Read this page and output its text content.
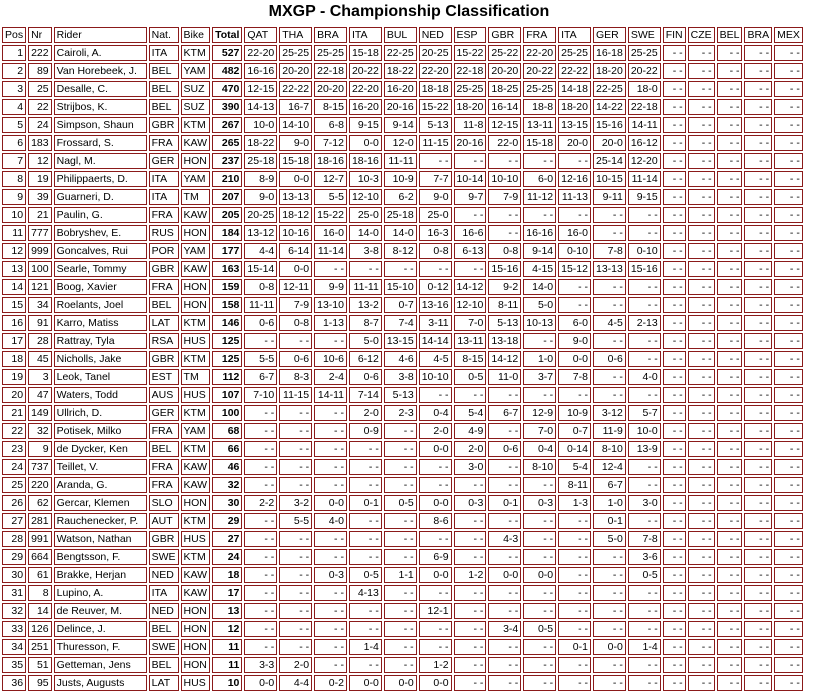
MXGP - Championship Classification
Pos	Nr	Rider	Nat.	Bike	Total	QAT	THA	BRA	ITA	BUL	NED	ESP	GBR	FRA	ITA	GER	SWE	FIN	CZE	BEL	BRA	MEX
1	222	Cairoli, A.	ITA	KTM	527	22-20	25-25	25-25	15-18	22-25	20-25	15-22	25-22	22-20	25-25	16-18	25-25	- -	- -	- -	- -	- -
2	89	Van Horebeek, J.	BEL	YAM	482	16-16	20-20	22-18	20-22	18-22	22-20	22-18	20-20	20-22	22-22	18-20	20-22	- -	- -	- -	- -	- -
3	25	Desalle, C.	BEL	SUZ	470	12-15	22-22	20-20	22-20	16-20	18-18	25-25	18-25	25-25	14-18	22-25	18-0	- -	- -	- -	- -	- -
4	22	Strijbos, K.	BEL	SUZ	390	14-13	16-7	8-15	16-20	20-16	15-22	18-20	16-14	18-8	18-20	14-22	22-18	- -	- -	- -	- -	- -
5	24	Simpson, Shaun	GBR	KTM	267	10-0	14-10	6-8	9-15	9-14	5-13	11-8	12-15	13-11	13-15	15-16	14-11	- -	- -	- -	- -	- -
6	183	Frossard, S.	FRA	KAW	265	18-22	9-0	7-12	0-0	12-0	11-15	20-16	22-0	15-18	20-0	20-0	16-12	- -	- -	- -	- -	- -
7	12	Nagl, M.	GER	HON	237	25-18	15-18	18-16	18-16	11-11	- -	- -	- -	- -	- -	25-14	12-20	- -	- -	- -	- -	- -
8	19	Philippaerts, D.	ITA	YAM	210	8-9	0-0	12-7	10-3	10-9	7-7	10-14	10-10	6-0	12-16	10-15	11-14	- -	- -	- -	- -	- -
9	39	Guarneri, D.	ITA	TM	207	9-0	13-13	5-5	12-10	6-2	9-0	9-7	7-9	11-12	11-13	9-11	9-15	- -	- -	- -	- -	- -
10	21	Paulin, G.	FRA	KAW	205	20-25	18-12	15-22	25-0	25-18	25-0	- -	- -	- -	- -	- -	- -	- -	- -	- -	- -	- -
11	777	Bobryshev, E.	RUS	HON	184	13-12	10-16	16-0	14-0	14-0	16-3	16-6	- -	16-16	16-0	- -	- -	- -	- -	- -	- -	- -
12	999	Goncalves, Rui	POR	YAM	177	4-4	6-14	11-14	3-8	8-12	0-8	6-13	0-8	9-14	0-10	7-8	0-10	- -	- -	- -	- -	- -
13	100	Searle, Tommy	GBR	KAW	163	15-14	0-0	- -	- -	- -	- -	- -	15-16	4-15	15-12	13-13	15-16	- -	- -	- -	- -	- -
14	121	Boog, Xavier	FRA	HON	159	0-8	12-11	9-9	11-11	15-10	0-12	14-12	9-2	14-0	- -	- -	- -	- -	- -	- -	- -	- -
15	34	Roelants, Joel	BEL	HON	158	11-11	7-9	13-10	13-2	0-7	13-16	12-10	8-11	5-0	- -	- -	- -	- -	- -	- -	- -	- -
16	91	Karro, Matiss	LAT	KTM	146	0-6	0-8	1-13	8-7	7-4	3-11	7-0	5-13	10-13	6-0	4-5	2-13	- -	- -	- -	- -	- -
17	28	Rattray, Tyla	RSA	HUS	125	- -	- -	- -	5-0	13-15	14-14	13-11	13-18	- -	9-0	- -	- -	- -	- -	- -	- -	- -
18	45	Nicholls, Jake	GBR	KTM	125	5-5	0-6	10-6	6-12	4-6	4-5	8-15	14-12	1-0	0-0	0-6	- -	- -	- -	- -	- -	- -
19	3	Leok, Tanel	EST	TM	112	6-7	8-3	2-4	0-6	3-8	10-10	0-5	11-0	3-7	7-8	- -	4-0	- -	- -	- -	- -	- -
20	47	Waters, Todd	AUS	HUS	107	7-10	11-15	14-11	7-14	5-13	- -	- -	- -	- -	- -	- -	- -	- -	- -	- -	- -	- -
21	149	Ullrich, D.	GER	KTM	100	- -	- -	- -	2-0	2-3	0-4	5-4	6-7	12-9	10-9	3-12	5-7	- -	- -	- -	- -	- -
22	32	Potisek, Milko	FRA	YAM	68	- -	- -	- -	0-9	- -	2-0	4-9	- -	7-0	0-7	11-9	10-0	- -	- -	- -	- -	- -
23	9	de Dycker, Ken	BEL	KTM	66	- -	- -	- -	- -	- -	0-0	2-0	0-6	0-4	0-14	8-10	13-9	- -	- -	- -	- -	- -
24	737	Teillet, V.	FRA	KAW	46	- -	- -	- -	- -	- -	- -	3-0	- -	8-10	5-4	12-4	- -	- -	- -	- -	- -	- -
25	220	Aranda, G.	FRA	KAW	32	- -	- -	- -	- -	- -	- -	- -	- -	- -	8-11	6-7	- -	- -	- -	- -	- -	- -
26	62	Gercar, Klemen	SLO	HON	30	2-2	3-2	0-0	0-1	0-5	0-0	0-3	0-1	0-3	1-3	1-0	3-0	- -	- -	- -	- -	- -
27	281	Rauchenecker, P.	AUT	KTM	29	- -	5-5	4-0	- -	- -	8-6	- -	- -	- -	- -	0-1	- -	- -	- -	- -	- -	- -
28	991	Watson, Nathan	GBR	HUS	27	- -	- -	- -	- -	- -	- -	- -	4-3	- -	- -	5-0	7-8	- -	- -	- -	- -	- -
29	664	Bengtsson, F.	SWE	KTM	24	- -	- -	- -	- -	- -	6-9	- -	- -	- -	- -	- -	3-6	- -	- -	- -	- -	- -
30	61	Brakke, Herjan	NED	KAW	18	- -	- -	0-3	0-5	1-1	0-0	1-2	0-0	0-0	- -	- -	0-5	- -	- -	- -	- -	- -
31	8	Lupino, A.	ITA	KAW	17	- -	- -	- -	4-13	- -	- -	- -	- -	- -	- -	- -	- -	- -	- -	- -	- -	- -
32	14	de Reuver, M.	NED	HON	13	- -	- -	- -	- -	- -	12-1	- -	- -	- -	- -	- -	- -	- -	- -	- -	- -	- -
33	126	Delince, J.	BEL	HON	12	- -	- -	- -	- -	- -	- -	- -	3-4	0-5	- -	- -	- -	- -	- -	- -	- -	- -
34	251	Thuresson, F.	SWE	HON	11	- -	- -	- -	1-4	- -	- -	- -	- -	- -	0-1	0-0	1-4	- -	- -	- -	- -	- -
35	51	Getteman, Jens	BEL	HON	11	3-3	2-0	- -	- -	- -	1-2	- -	- -	- -	- -	- -	- -	- -	- -	- -	- -	- -
36	95	Justs, Augusts	LAT	HUS	10	0-0	4-4	0-2	0-0	0-0	0-0	- -	- -	- -	- -	- -	- -	- -	- -	- -	- -	- -
